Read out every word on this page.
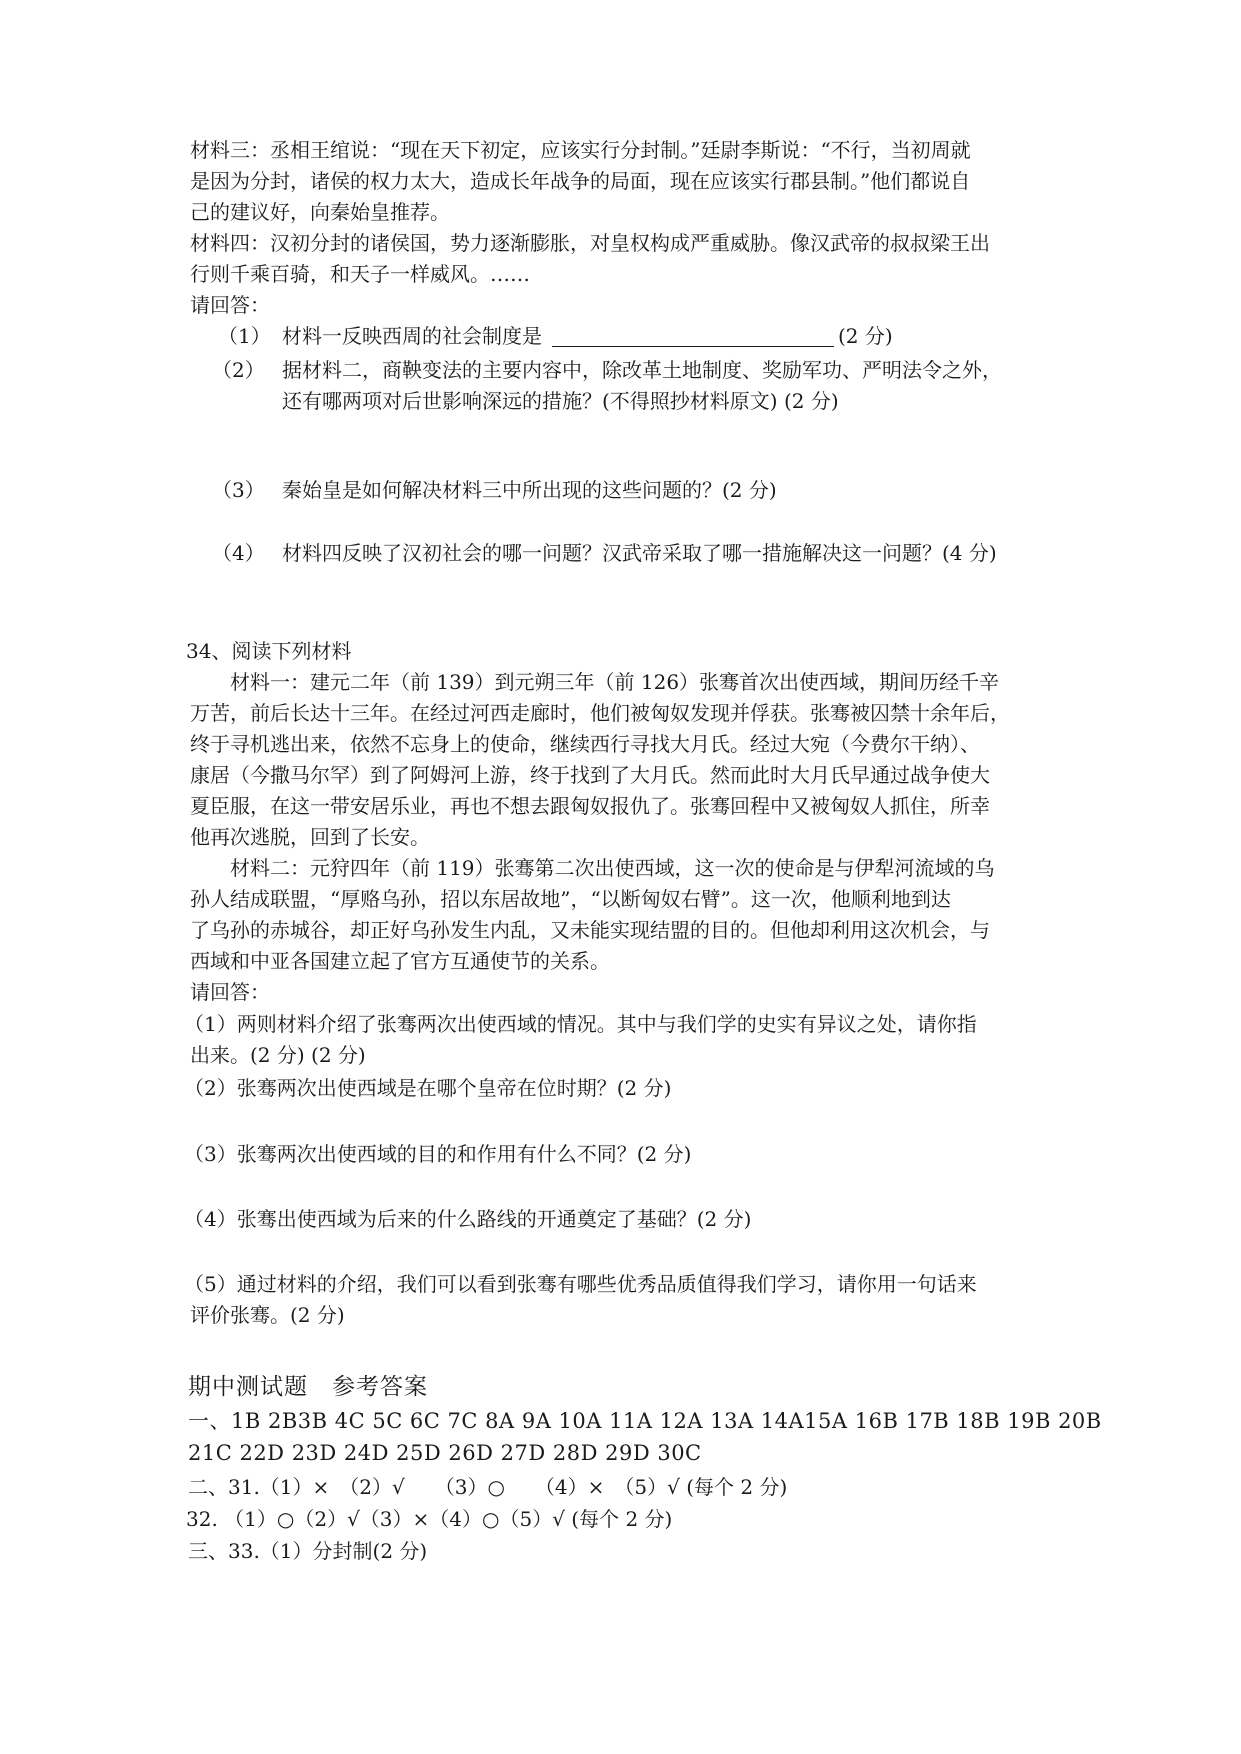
材料三：丞相王绾说：“现在天下初定，应该实行分封制。”廷尉李斯说：“不行，当初周就
是因为分封，诸侯的权力太大，造成长年战争的局面，现在应该实行郡县制。”他们都说自
己的建议好，向秦始皇推荐。
材料四：汉初分封的诸侯国，势力逐渐膨胀，对皇权构成严重威胁。像汉武帝的叔叔梁王出
行则千乘百骑，和天子一样威风。……
请回答：
（1） 材料一反映西周的社会制度是	(2 分)
（2） 据材料二，商鞅变法的主要内容中，除改革土地制度、奖励军功、严明法令之外，
还有哪两项对后世影响深远的措施？(不得照抄材料原文) (2 分)
（3） 秦始皇是如何解决材料三中所出现的这些问题的？(2 分)
（4） 材料四反映了汉初社会的哪一问题？汉武帝采取了哪一措施解决这一问题？(4 分)
34、阅读下列材料
材料一：建元二年（前 139）到元朔三年（前 126）张骞首次出使西域，期间历经千辛
万苦，前后长达十三年。在经过河西走廊时，他们被匈奴发现并俘获。张骞被囚禁十余年后，
终于寻机逃出来，依然不忘身上的使命，继续西行寻找大月氏。经过大宛（今费尔干纳）、
康居（今撒马尔罕）到了阿姆河上游，终于找到了大月氏。然而此时大月氏早通过战争使大
夏臣服，在这一带安居乐业，再也不想去跟匈奴报仇了。张骞回程中又被匈奴人抓住，所幸
他再次逃脱，回到了长安。
材料二：元狩四年（前 119）张骞第二次出使西域，这一次的使命是与伊犁河流域的乌
孙人结成联盟，“厚赂乌孙，招以东居故地”，“以断匈奴右臂”。这一次，他顺利地到达
了乌孙的赤城谷，却正好乌孙发生内乱，又未能实现结盟的目的。但他却利用这次机会，与
西域和中亚各国建立起了官方互通使节的关系。
请回答：
（1）两则材料介绍了张骞两次出使西域的情况。其中与我们学的史实有异议之处，请你指
出来。(2 分) (2 分)
（2）张骞两次出使西域是在哪个皇帝在位时期？(2 分)
（3）张骞两次出使西域的目的和作用有什么不同？(2 分)
（4）张骞出使西域为后来的什么路线的开通奠定了基础？(2 分)
（5）通过材料的介绍，我们可以看到张骞有哪些优秀品质值得我们学习，请你用一句话来
评价张骞。(2 分)
期中测试题　参考答案
一、1B 2B3B 4C 5C 6C 7C 8A 9A 10A 11A 12A 13A 14A15A 16B 17B 18B 19B 20B
21C 22D 23D 24D 25D 26D 27D 28D 29D 30C
二、31.（1）×　（2）√　　（3）○　　（4）×　（5）√ (每个 2 分)
32. （1）○（2）√（3）×（4）○（5）√ (每个 2 分)
三、33.（1）分封制(2 分)
